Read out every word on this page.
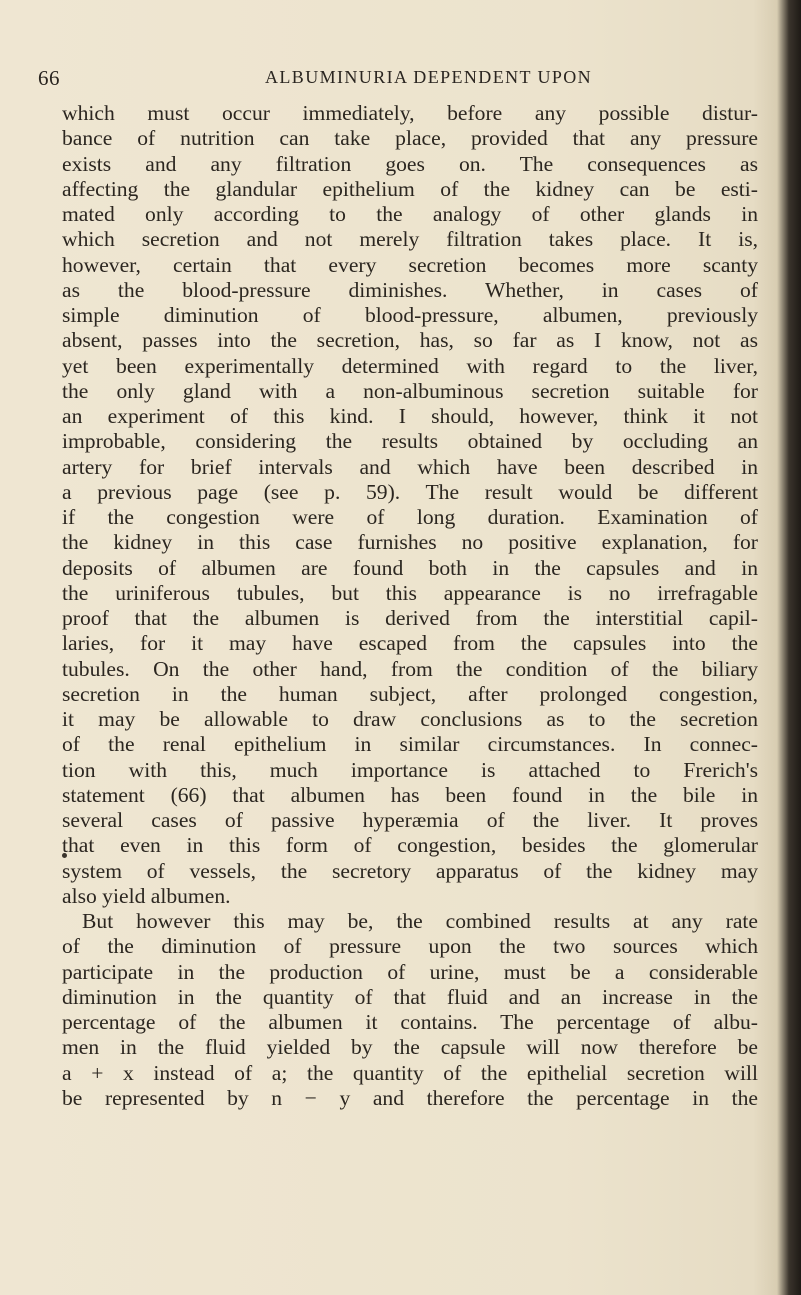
66	ALBUMINURIA DEPENDENT UPON
which must occur immediately, before any possible distur-
bance of nutrition can take place, provided that any pressure
exists and any filtration goes on. The consequences as
affecting the glandular epithelium of the kidney can be esti-
mated only according to the analogy of other glands in
which secretion and not merely filtration takes place. It is,
however, certain that every secretion becomes more scanty
as the blood-pressure diminishes. Whether, in cases of
simple diminution of blood-pressure, albumen, previously
absent, passes into the secretion, has, so far as I know, not as
yet been experimentally determined with regard to the liver,
the only gland with a non-albuminous secretion suitable for
an experiment of this kind. I should, however, think it not
improbable, considering the results obtained by occluding an
artery for brief intervals and which have been described in
a previous page (see p. 59). The result would be different
if the congestion were of long duration. Examination of
the kidney in this case furnishes no positive explanation, for
deposits of albumen are found both in the capsules and in
the uriniferous tubules, but this appearance is no irrefragable
proof that the albumen is derived from the interstitial capil-
laries, for it may have escaped from the capsules into the
tubules. On the other hand, from the condition of the biliary
secretion in the human subject, after prolonged congestion,
it may be allowable to draw conclusions as to the secretion
of the renal epithelium in similar circumstances. In connec-
tion with this, much importance is attached to Frerich's
statement (66) that albumen has been found in the bile in
several cases of passive hyperæmia of the liver. It proves
that even in this form of congestion, besides the glomerular
system of vessels, the secretory apparatus of the kidney may
also yield albumen.
But however this may be, the combined results at any rate
of the diminution of pressure upon the two sources which
participate in the production of urine, must be a considerable
diminution in the quantity of that fluid and an increase in the
percentage of the albumen it contains. The percentage of albu-
men in the fluid yielded by the capsule will now therefore be
a + x instead of a; the quantity of the epithelial secretion will
be represented by n − y and therefore the percentage in the
